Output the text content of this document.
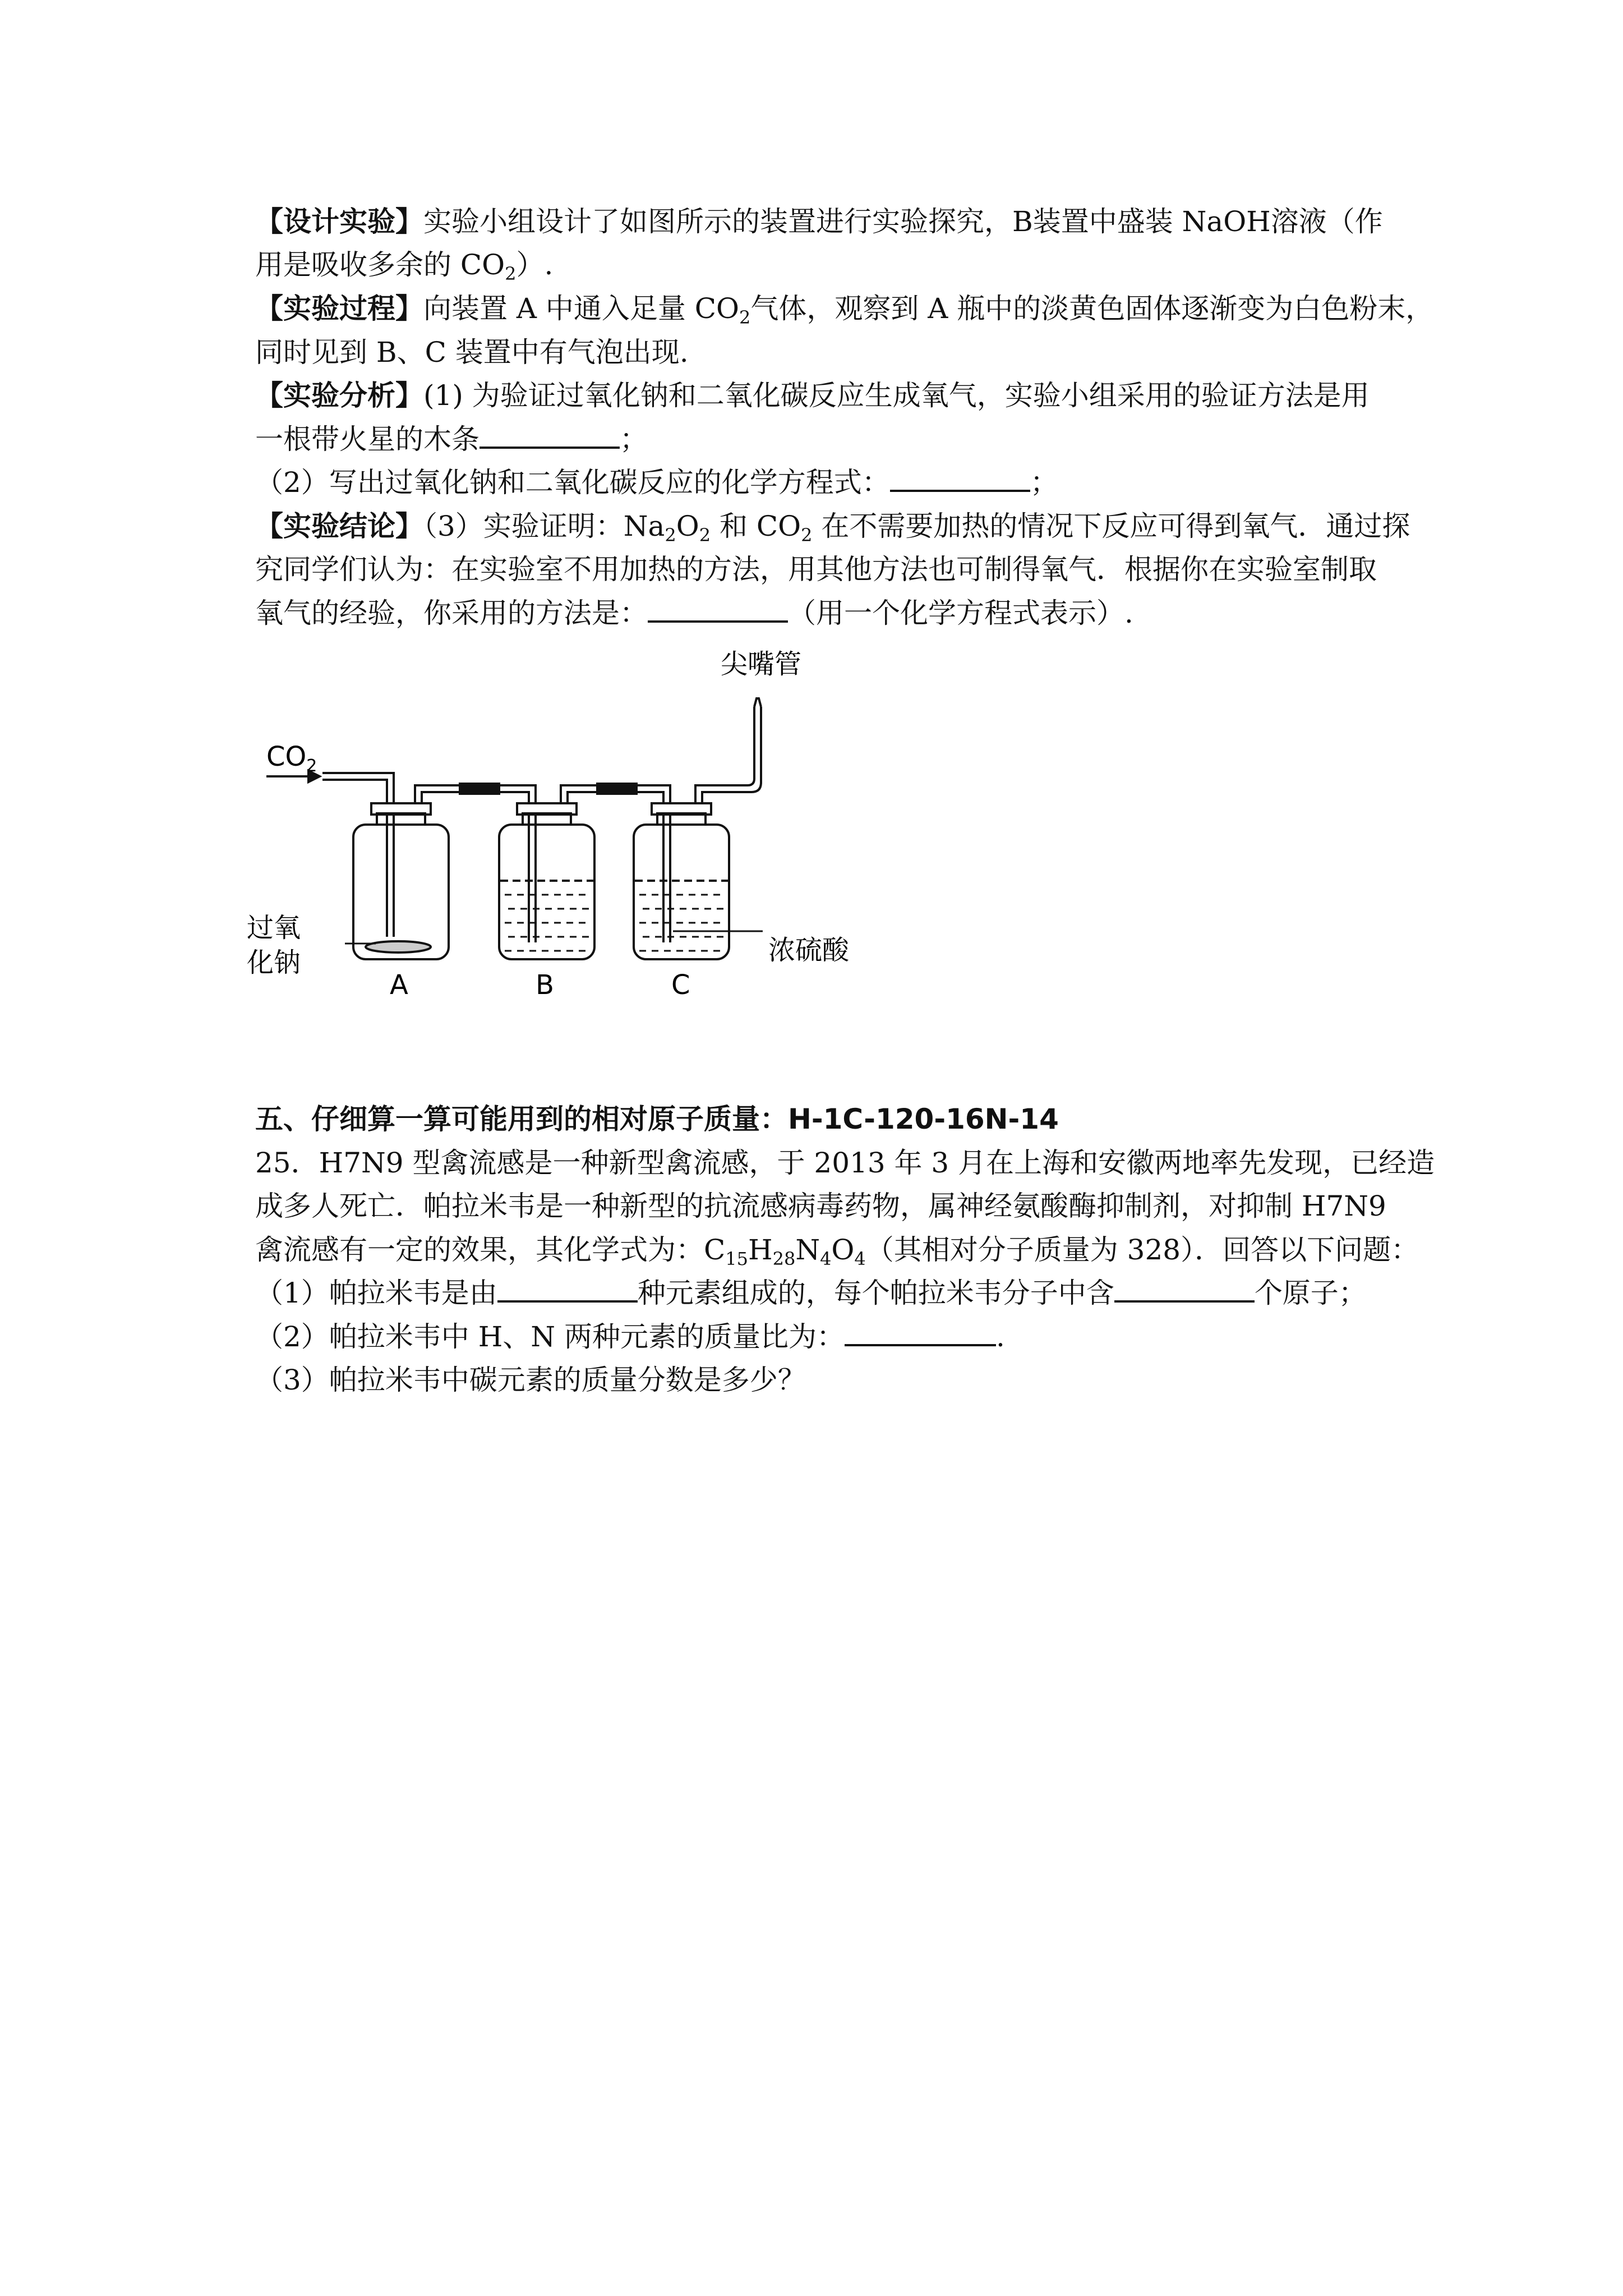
【设计实验】实验小组设计了如图所示的装置进行实验探究，B装置中盛装 NaOH溶液（作
用是吸收多余的 $CO_2$）.
【实验过程】向装置 A 中通入足量 $CO_2$气体，观察到 A 瓶中的淡黄色固体逐渐变为白色粉末，
同时见到 B、C 装置中有气泡出现.
【实验分析】(1) 为验证过氧化钠和二氧化碳反应生成氧气，实验小组采用的验证方法是用
一根带火星的木条	；
（2）写出过氧化钠和二氧化碳反应的化学方程式：	；
【实验结论】（3）实验证明：$Na_2O_2$ 和 $CO_2$ 在不需要加热的情况下反应可得到氧气．通过探
究同学们认为：在实验室不用加热的方法，用其他方法也可制得氧气．根据你在实验室制取
氧气的经验，你采用的方法是：	（用一个化学方程式表示）.
尖嘴管
$CO_2$
过氧
化钠	浓硫酸
A	B	C
五、仔细算一算可能用到的相对原子质量：H-1C-120-16N-14
25．H7N9 型禽流感是一种新型禽流感，于 2013 年 3 月在上海和安徽两地率先发现，已经造
成多人死亡．帕拉米韦是一种新型的抗流感病毒药物，属神经氨酸酶抑制剂，对抑制 H7N9
禽流感有一定的效果，其化学式为：$C_{15}H_{28}N_4O_4$（其相对分子质量为 328）．回答以下问题：
（1）帕拉米韦是由	种元素组成的，每个帕拉米韦分子中含	个原子；
（2）帕拉米韦中 H、N 两种元素的质量比为：	.
（3）帕拉米韦中碳元素的质量分数是多少？
